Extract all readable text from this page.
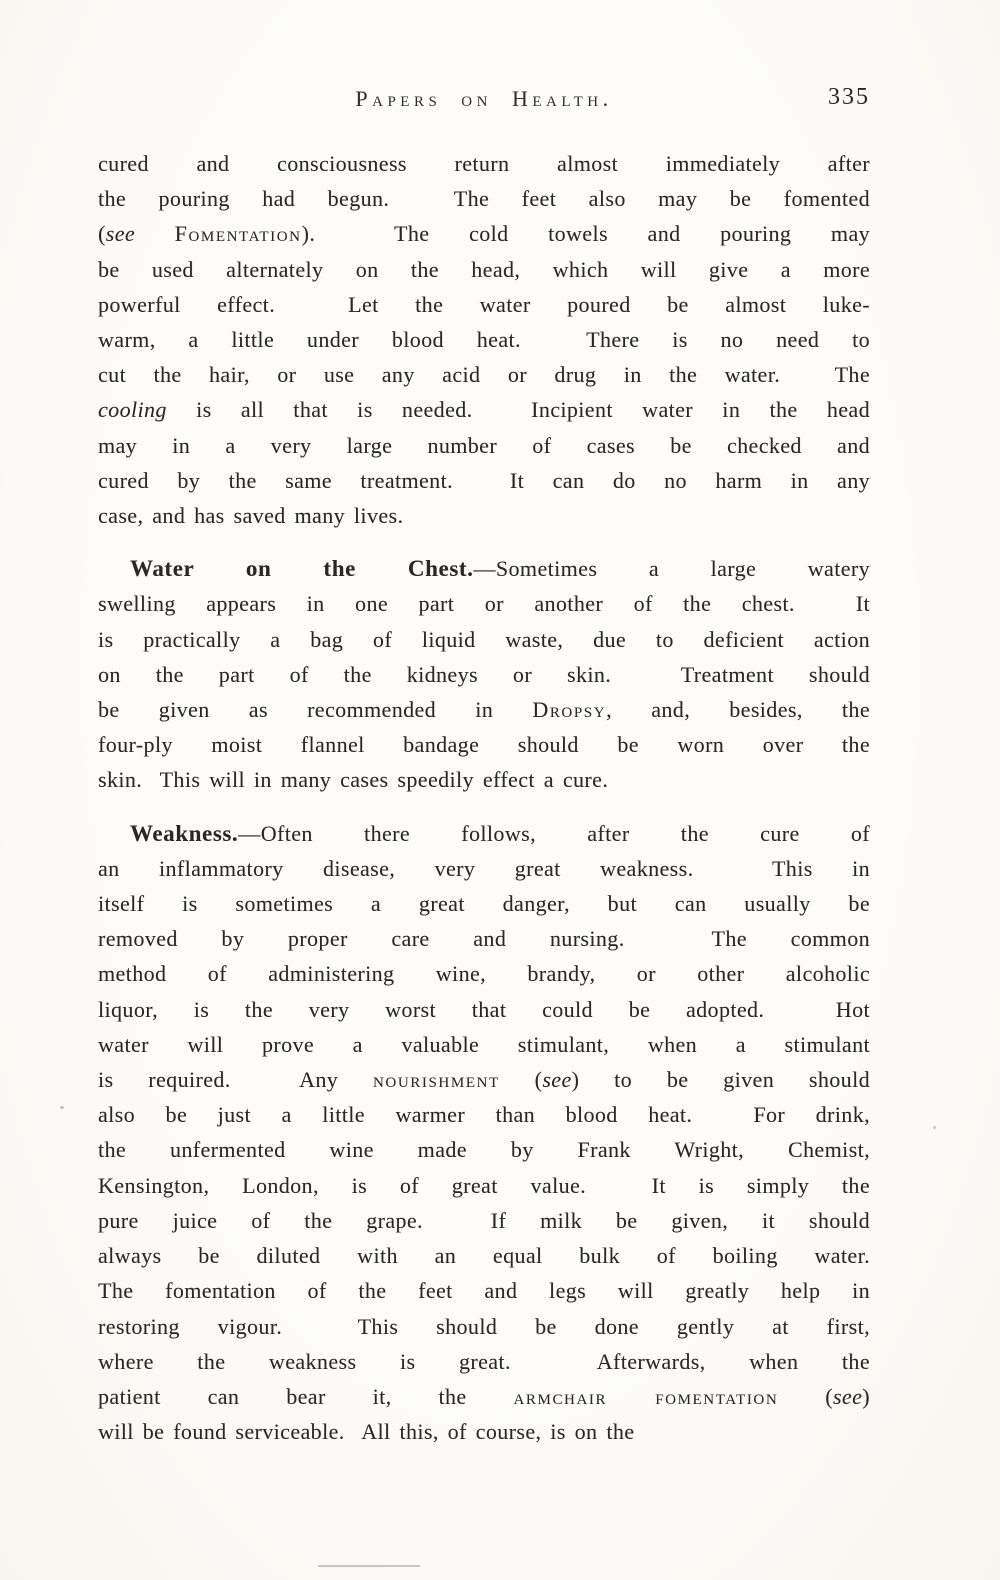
Papers on Health.	335
cured and consciousness return almost immediately after
the pouring had begun.  The feet also may be fomented
(see Fomentation).  The cold towels and pouring may
be used alternately on the head, which will give a more
powerful effect.  Let the water poured be almost luke-
warm, a little under blood heat.  There is no need to
cut the hair, or use any acid or drug in the water.  The
cooling is all that is needed.  Incipient water in the head
may in a very large number of cases be checked and
cured by the same treatment.  It can do no harm in any
case, and has saved many lives.
Water on the Chest.—Sometimes a large watery
swelling appears in one part or another of the chest.  It
is practically a bag of liquid waste, due to deficient action
on the part of the kidneys or skin.  Treatment should
be given as recommended in Dropsy, and, besides, the
four-ply moist flannel bandage should be worn over the
skin.  This will in many cases speedily effect a cure.
Weakness.—Often there follows, after the cure of
an inflammatory disease, very great weakness.  This in
itself is sometimes a great danger, but can usually be
removed by proper care and nursing.  The common
method of administering wine, brandy, or other alcoholic
liquor, is the very worst that could be adopted.  Hot
water will prove a valuable stimulant, when a stimulant
is required.  Any nourishment (see) to be given should
also be just a little warmer than blood heat.  For drink,
the unfermented wine made by Frank Wright, Chemist,
Kensington, London, is of great value.  It is simply the
pure juice of the grape.  If milk be given, it should
always be diluted with an equal bulk of boiling water.
The fomentation of the feet and legs will greatly help in
restoring vigour.  This should be done gently at first,
where the weakness is great.  Afterwards, when the
patient can bear it, the armchair fomentation (see)
will be found serviceable.  All this, of course, is on the
